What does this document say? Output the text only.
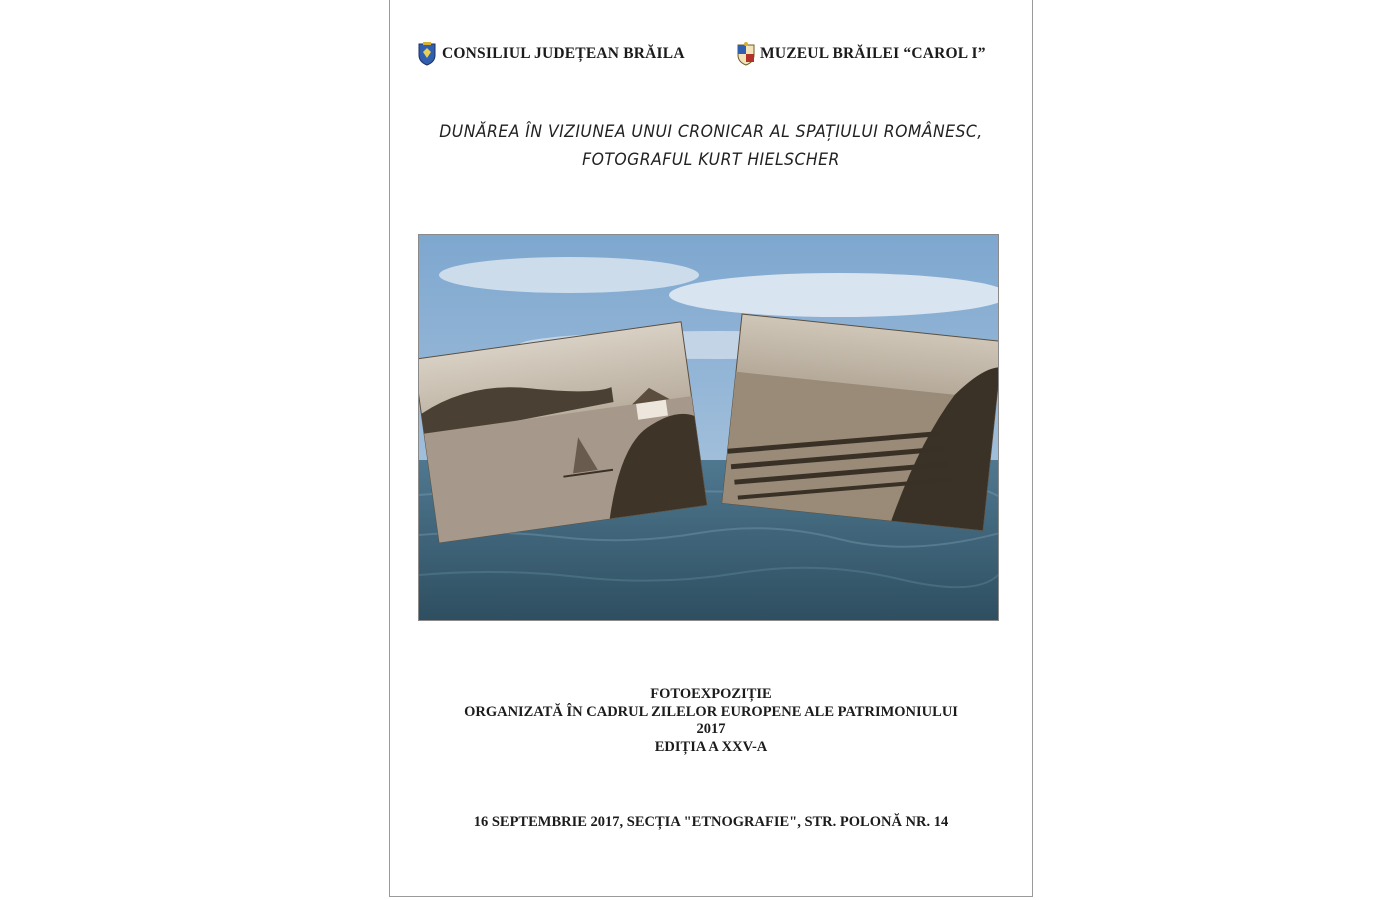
CONSILIUL JUDEȚEAN BRĂILA	MUZEUL BRĂILEI “CAROL I”
DUNĂREA ÎN VIZIUNEA UNUI CRONICAR AL SPAȚIULUI ROMÂNESC,
FOTOGRAFUL KURT HIELSCHER
FOTOEXPOZIȚIE
ORGANIZATĂ ÎN CADRUL ZILELOR EUROPENE ALE PATRIMONIULUI
2017
EDIȚIA A XXV-A
16 SEPTEMBRIE 2017, SECȚIA "ETNOGRAFIE", STR. POLONĂ NR. 14
